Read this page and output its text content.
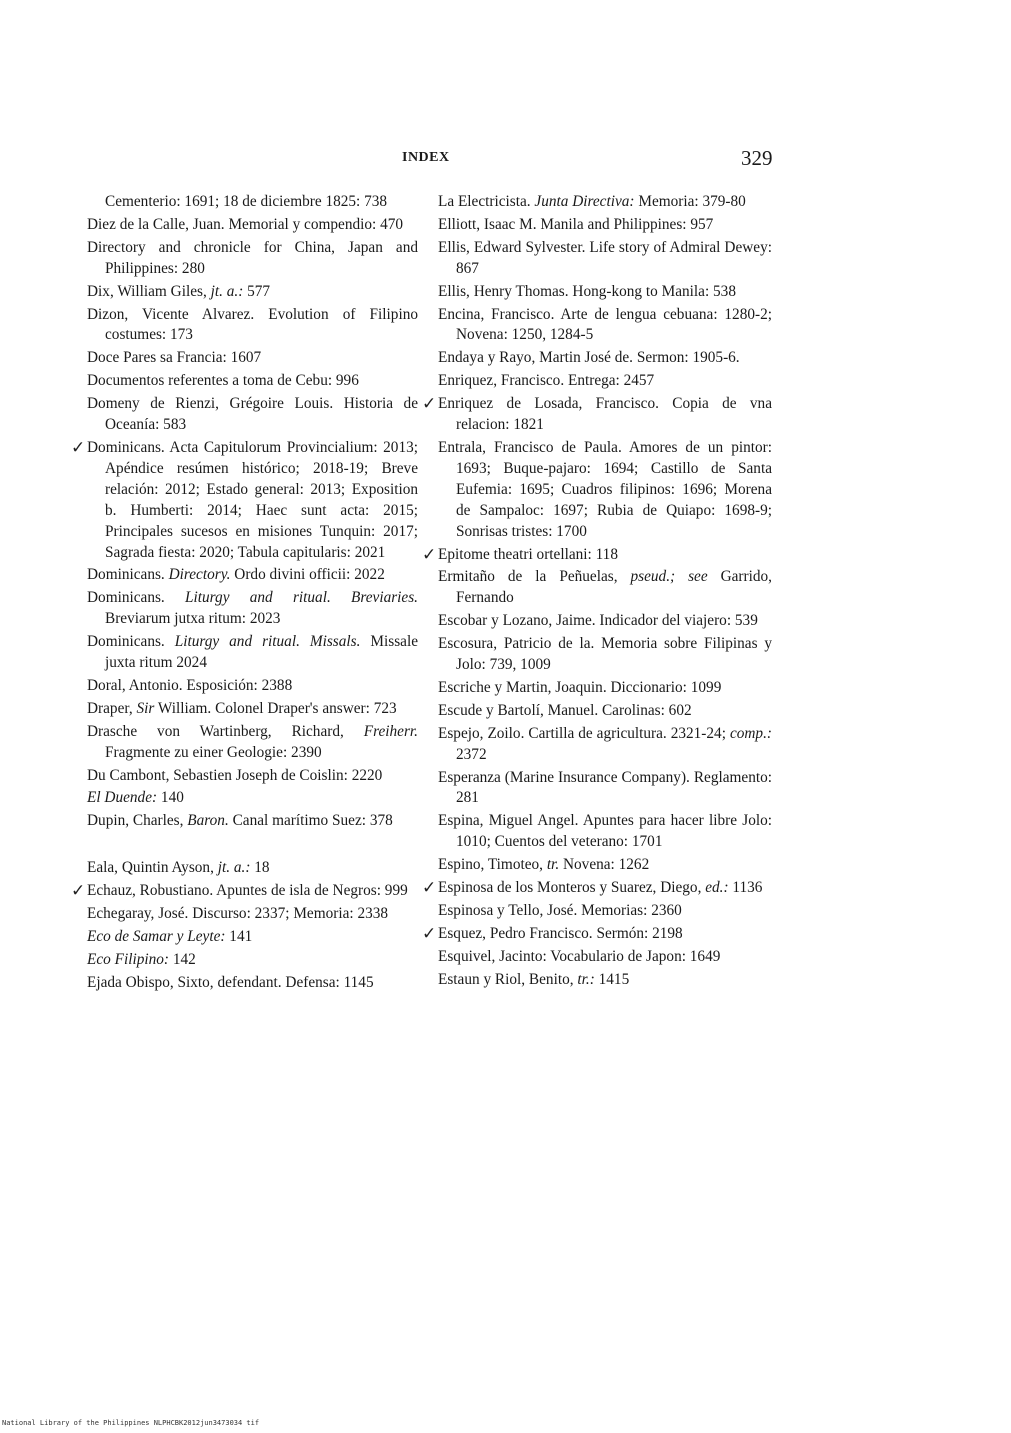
INDEX	329

Cementerio: 1691; 18 de diciembre 1825: 738

Diez de la Calle, Juan. Memorial y compendio: 470

Directory and chronicle for China, Japan and Philippines: 280

Dix, William Giles, jt. a.: 577

Dizon, Vicente Alvarez. Evolution of Filipino costumes: 173

Doce Pares sa Francia: 1607

Documentos referentes a toma de Cebu: 996

Domeny de Rienzi, Grégoire Louis. Historia de Oceanía: 583

✓ Dominicans. Acta Capitulorum Provincialium: 2013; Apéndice resúmen histórico; 2018-19; Breve relación: 2012; Estado general: 2013; Exposition b. Humberti: 2014; Haec sunt acta: 2015; Principales sucesos en misiones Tunquin: 2017; Sagrada fiesta: 2020; Tabula capitularis: 2021

Dominicans. Directory. Ordo divini officii: 2022

Dominicans. Liturgy and ritual. Breviaries. Breviarum jutxa ritum: 2023

Dominicans. Liturgy and ritual. Missals. Missale juxta ritum 2024

Doral, Antonio. Esposición: 2388

Draper, Sir William. Colonel Draper's answer: 723

Drasche von Wartinberg, Richard, Freiherr. Fragmente zu einer Geologie: 2390

Du Cambont, Sebastien Joseph de Coislin: 2220

El Duende: 140

Dupin, Charles, Baron. Canal marítimo Suez: 378

Eala, Quintin Ayson, jt. a.: 18

✓ Echauz, Robustiano. Apuntes de isla de Negros: 999

Echegaray, José. Discurso: 2337; Memoria: 2338

Eco de Samar y Leyte: 141

Eco Filipino: 142

Ejada Obispo, Sixto, defendant. Defensa: 1145

La Electricista. Junta Directiva: Memoria: 379-80

Elliott, Isaac M. Manila and Philippines: 957

Ellis, Edward Sylvester. Life story of Admiral Dewey: 867

Ellis, Henry Thomas. Hong-kong to Manila: 538

Encina, Francisco. Arte de lengua cebuana: 1280-2; Novena: 1250, 1284-5

Endaya y Rayo, Martin José de. Sermon: 1905-6.

Enriquez, Francisco. Entrega: 2457

✓ Enriquez de Losada, Francisco. Copia de vna relacion: 1821

Entrala, Francisco de Paula. Amores de un pintor: 1693; Buque-pajaro: 1694; Castillo de Santa Eufemia: 1695; Cuadros filipinos: 1696; Morena de Sampaloc: 1697; Rubia de Quiapo: 1698-9; Sonrisas tristes: 1700

✓ Epitome theatri ortellani: 118

Ermitaño de la Peñuelas, pseud.; see Garrido, Fernando

Escobar y Lozano, Jaime. Indicador del viajero: 539

Escosura, Patricio de la. Memoria sobre Filipinas y Jolo: 739, 1009

Escriche y Martin, Joaquin. Diccionario: 1099

Escude y Bartolí, Manuel. Carolinas: 602

Espejo, Zoilo. Cartilla de agricultura. 2321-24; comp.: 2372

Esperanza (Marine Insurance Company). Reglamento: 281

Espina, Miguel Angel. Apuntes para hacer libre Jolo: 1010; Cuentos del veterano: 1701

Espino, Timoteo, tr. Novena: 1262

✓ Espinosa de los Monteros y Suarez, Diego, ed.: 1136

Espinosa y Tello, José. Memorias: 2360

✓ Esquez, Pedro Francisco. Sermón: 2198

Esquivel, Jacinto: Vocabulario de Japon: 1649

Estaun y Riol, Benito, tr.: 1415

National Library of the Philippines NLPHCBK2012jun3473034 tif
